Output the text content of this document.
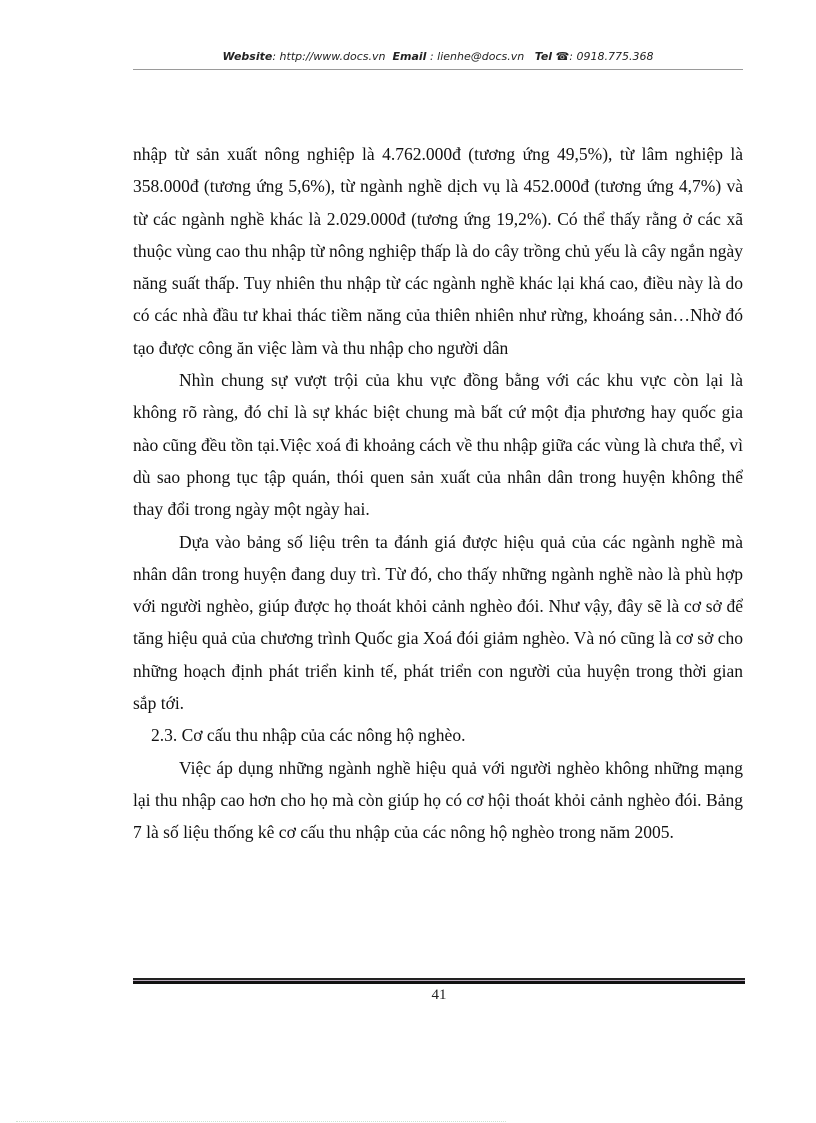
Website: http://www.docs.vn Email : lienhe@docs.vn Tel ☎: 0918.775.368

nhập từ sản xuất nông nghiệp là 4.762.000đ (tương ứng 49,5%), từ lâm nghiệp là 358.000đ (tương ứng 5,6%), từ ngành nghề dịch vụ là 452.000đ (tương ứng 4,7%) và từ các ngành nghề khác là 2.029.000đ (tương ứng 19,2%). Có thể thấy rằng ở các xã thuộc vùng cao thu nhập từ nông nghiệp thấp là do cây trồng chủ yếu là cây ngắn ngày năng suất thấp. Tuy nhiên thu nhập từ các ngành nghề khác lại khá cao, điều này là do có các nhà đầu tư khai thác tiềm năng của thiên nhiên như rừng, khoáng sản…Nhờ đó tạo được công ăn việc làm và thu nhập cho người dân

Nhìn chung sự vượt trội của khu vực đồng bằng với các khu vực còn lại là không rõ ràng, đó chỉ là sự khác biệt chung mà bất cứ một địa phương hay quốc gia nào cũng đều tồn tại.Việc xoá đi khoảng cách về thu nhập giữa các vùng là chưa thể, vì dù sao phong tục tập quán, thói quen sản xuất của nhân dân trong huyện không thể thay đổi trong ngày một ngày hai.

Dựa vào bảng số liệu trên ta đánh giá được hiệu quả của các ngành nghề mà nhân dân trong huyện đang duy trì. Từ đó, cho thấy những ngành nghề nào là phù hợp với người nghèo, giúp được họ thoát khỏi cảnh nghèo đói. Như vậy, đây sẽ là cơ sở để tăng hiệu quả của chương trình Quốc gia Xoá đói giảm nghèo. Và nó cũng là cơ sở cho những hoạch định phát triển kinh tế, phát triển con người của huyện trong thời gian sắp tới.

2.3. Cơ cấu thu nhập của các nông hộ nghèo.

Việc áp dụng những ngành nghề hiệu quả với người nghèo không những mạng lại thu nhập cao hơn cho họ mà còn giúp họ có cơ hội thoát khỏi cảnh nghèo đói. Bảng 7 là số liệu thống kê cơ cấu thu nhập của các nông hộ nghèo trong năm 2005.

41
